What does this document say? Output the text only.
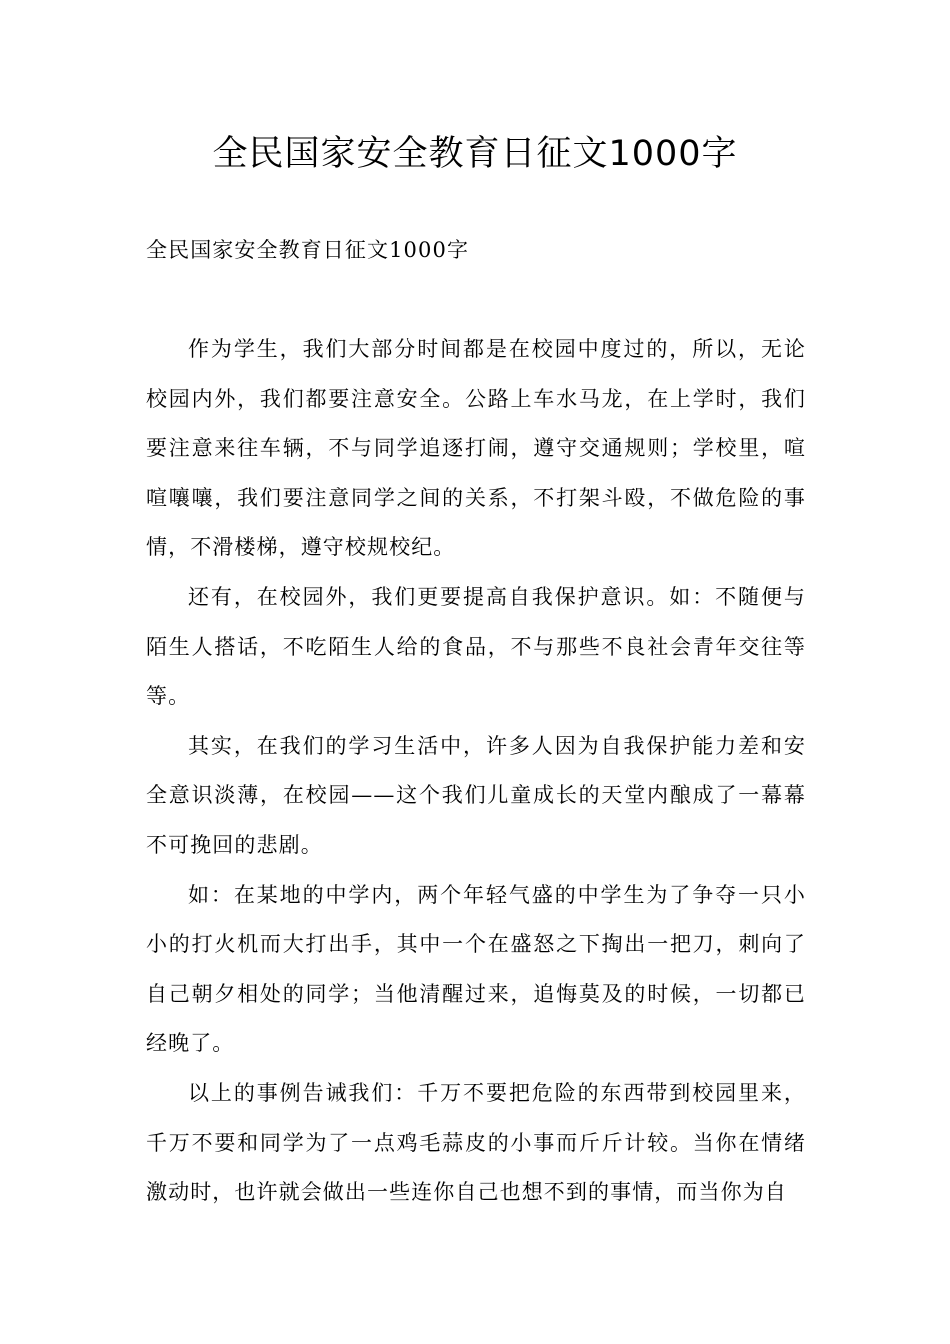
全民国家安全教育日征文1000字
全民国家安全教育日征文1000字

作为学生，我们大部分时间都是在校园中度过的，所以，无论校园内外，我们都要注意安全。公路上车水马龙，在上学时，我们要注意来往车辆，不与同学追逐打闹，遵守交通规则；学校里，喧喧嚷嚷，我们要注意同学之间的关系，不打架斗殴，不做危险的事情，不滑楼梯，遵守校规校纪。

还有，在校园外，我们更要提高自我保护意识。如：不随便与陌生人搭话，不吃陌生人给的食品，不与那些不良社会青年交往等等。

其实，在我们的学习生活中，许多人因为自我保护能力差和安全意识淡薄，在校园——这个我们儿童成长的天堂内酿成了一幕幕不可挽回的悲剧。

如：在某地的中学内，两个年轻气盛的中学生为了争夺一只小小的打火机而大打出手，其中一个在盛怒之下掏出一把刀，刺向了自己朝夕相处的同学；当他清醒过来，追悔莫及的时候，一切都已经晚了。

以上的事例告诫我们：千万不要把危险的东西带到校园里来，千万不要和同学为了一点鸡毛蒜皮的小事而斤斤计较。当你在情绪激动时，也许就会做出一些连你自己也想不到的事情，而当你为自
